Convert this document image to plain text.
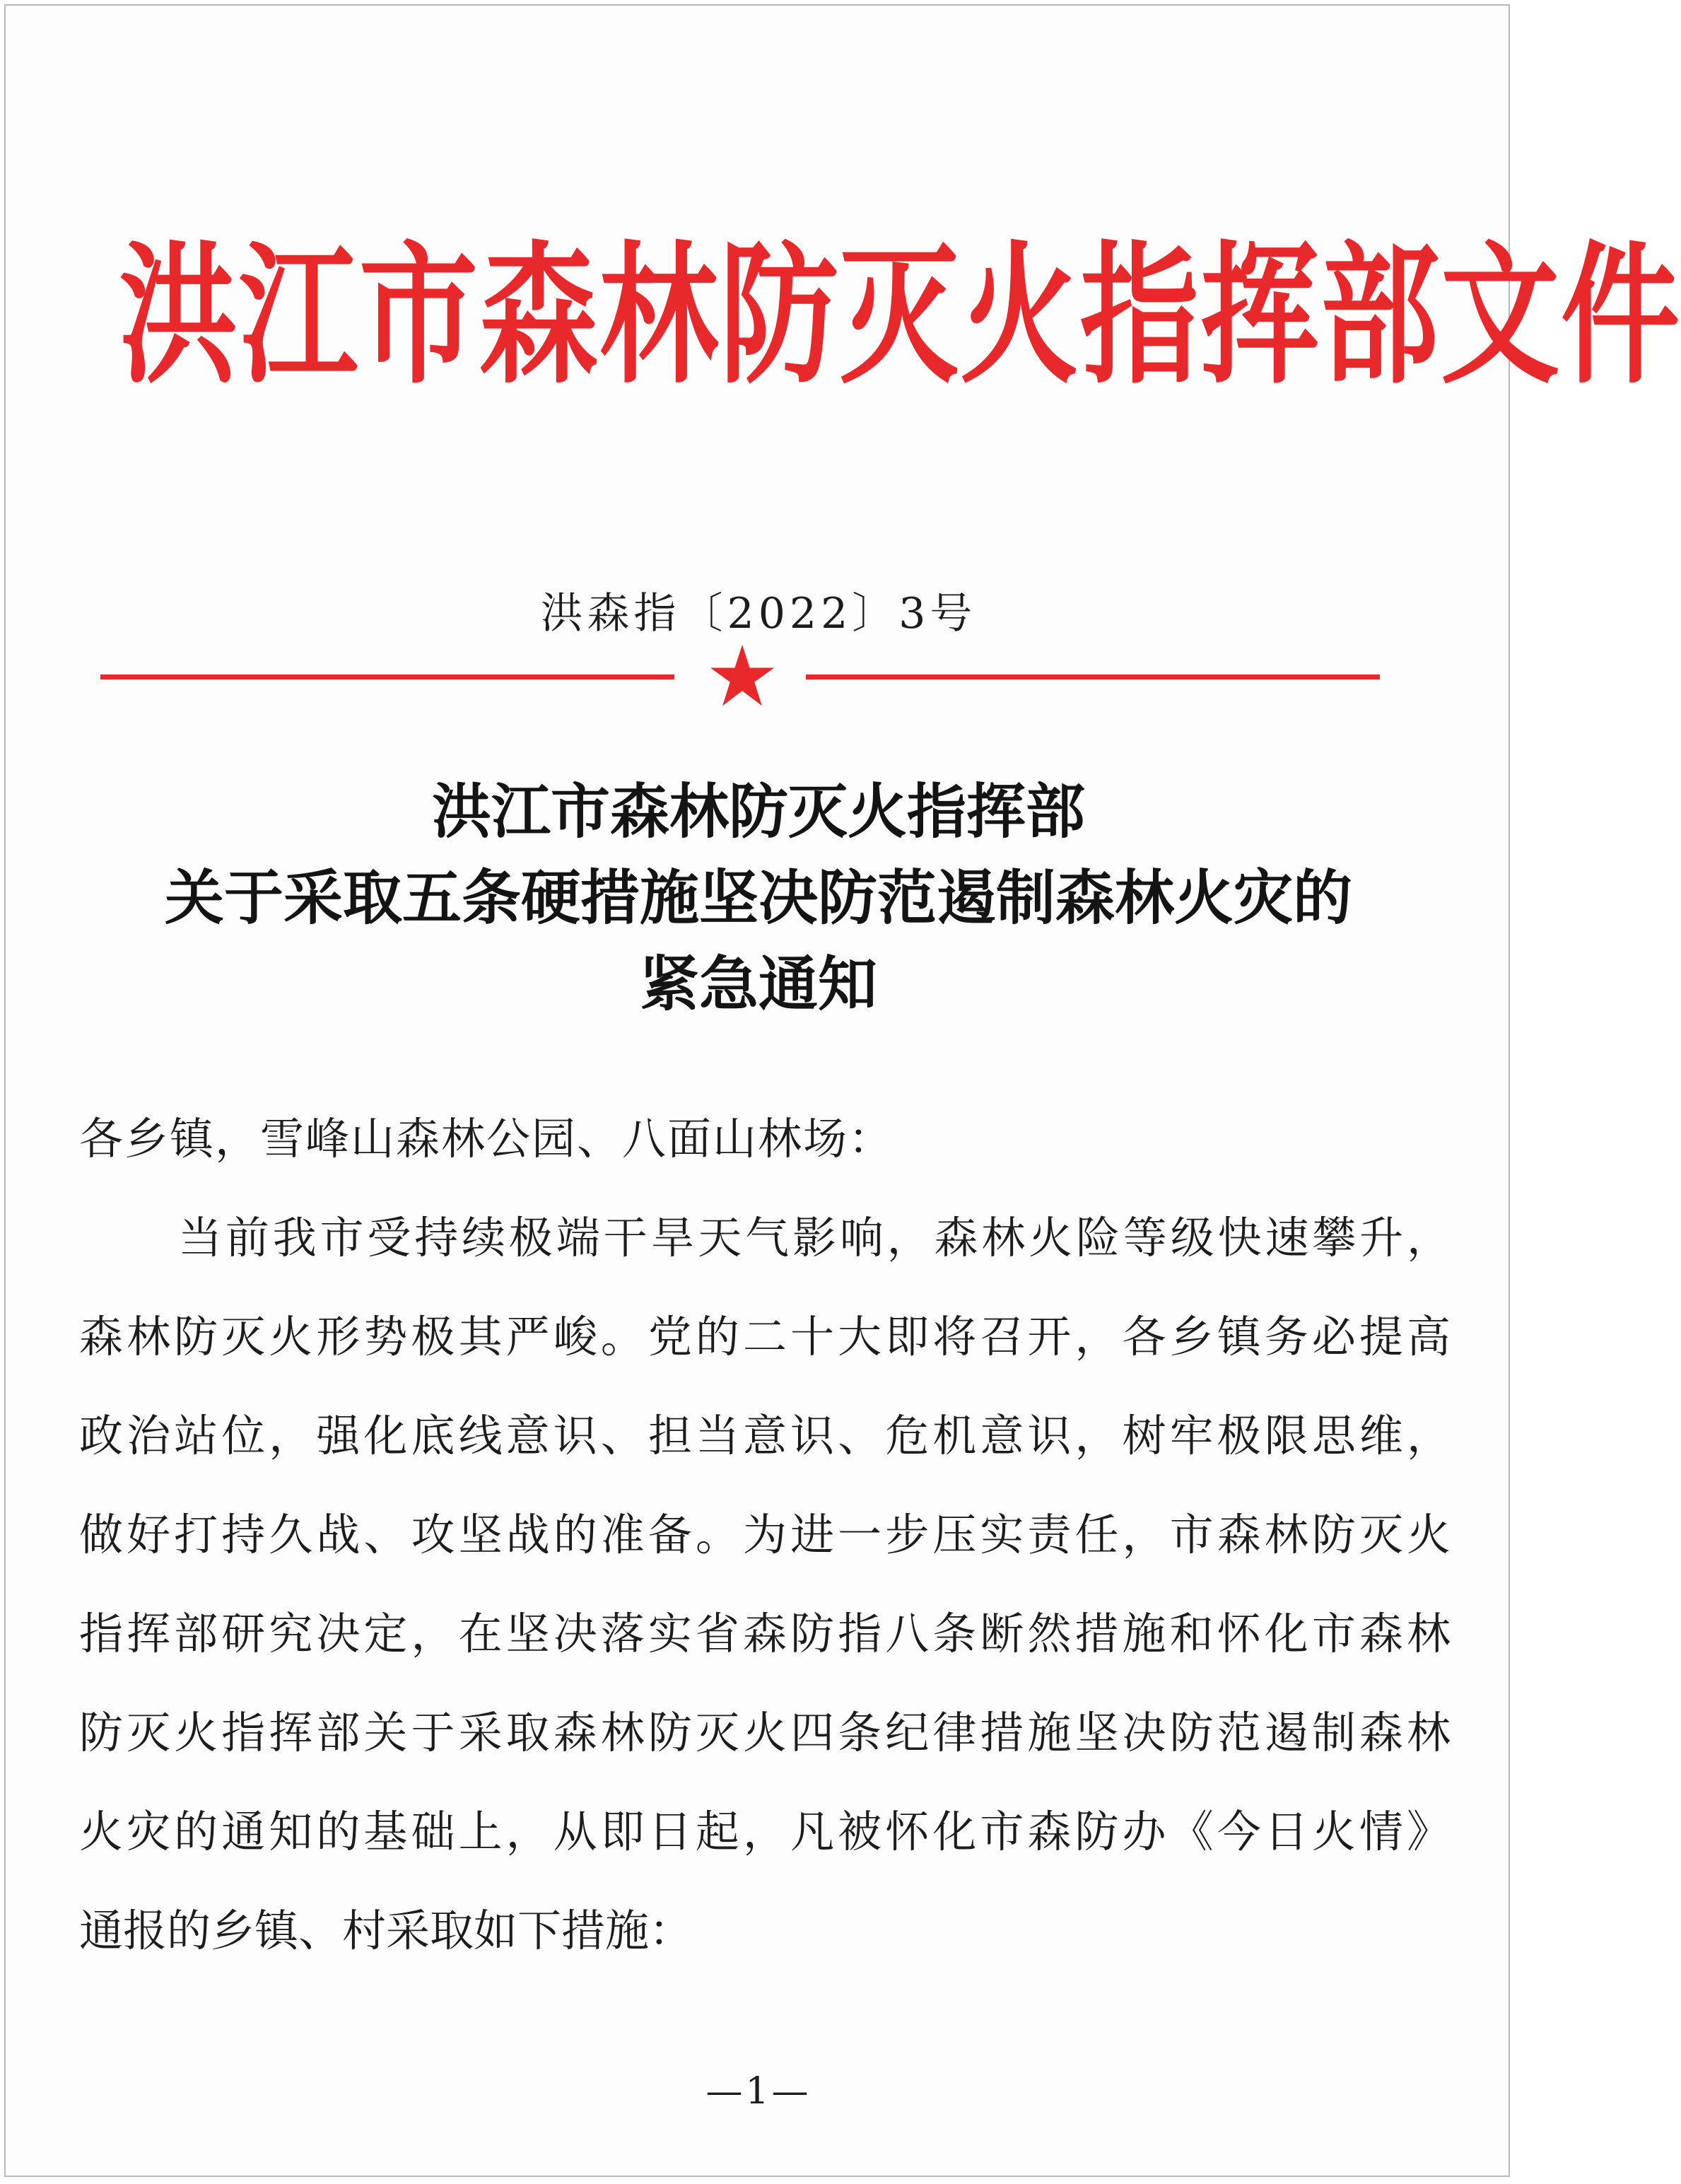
洪江市森林防灭火指挥部文件
洪森指〔2022〕3号
洪江市森林防灭火指挥部
关于采取五条硬措施坚决防范遏制森林火灾的
紧急通知
各乡镇，雪峰山森林公园、八面山林场：
当前我市受持续极端干旱天气影响，森林火险等级快速攀升，
森林防灭火形势极其严峻。党的二十大即将召开，各乡镇务必提高
政治站位，强化底线意识、担当意识、危机意识，树牢极限思维，
做好打持久战、攻坚战的准备。为进一步压实责任，市森林防灭火
指挥部研究决定，在坚决落实省森防指八条断然措施和怀化市森林
防灭火指挥部关于采取森林防灭火四条纪律措施坚决防范遏制森林
火灾的通知的基础上，从即日起，凡被怀化市森防办《今日火情》
通报的乡镇、村采取如下措施：
—1—
